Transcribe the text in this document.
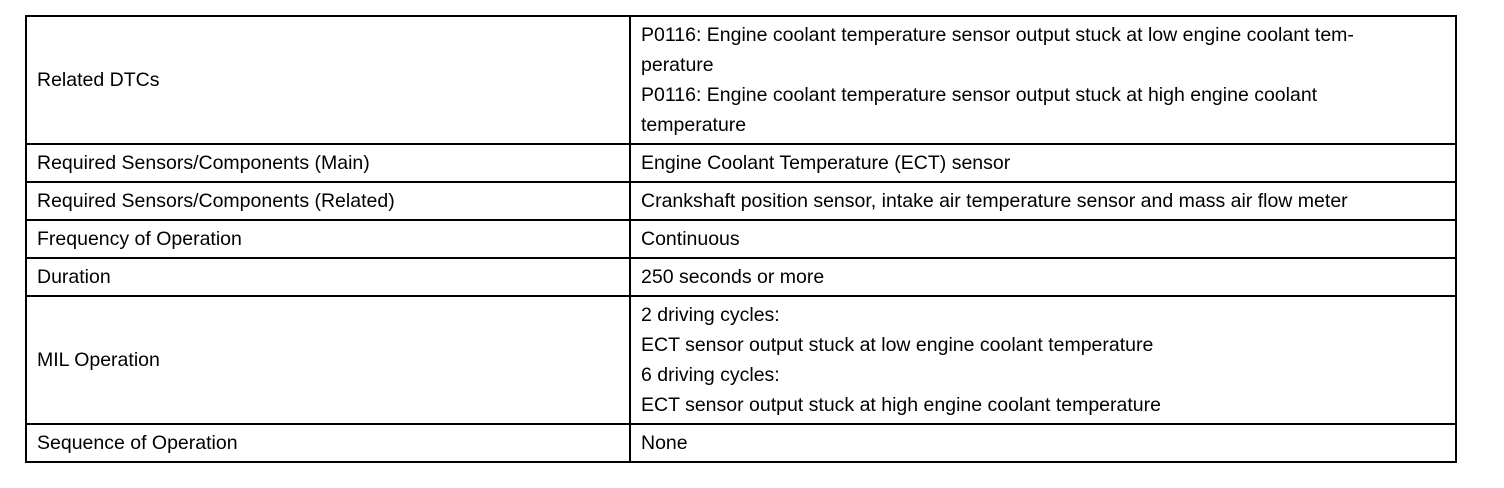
Related DTCs	P0116: Engine coolant temperature sensor output stuck at low engine coolant tem-
perature
P0116: Engine coolant temperature sensor output stuck at high engine coolant
temperature

Required Sensors/Components (Main)	Engine Coolant Temperature (ECT) sensor

Required Sensors/Components (Related)	Crankshaft position sensor, intake air temperature sensor and mass air flow meter

Frequency of Operation	Continuous

Duration	250 seconds or more

MIL Operation	2 driving cycles:
ECT sensor output stuck at low engine coolant temperature
6 driving cycles:
ECT sensor output stuck at high engine coolant temperature

Sequence of Operation	None
